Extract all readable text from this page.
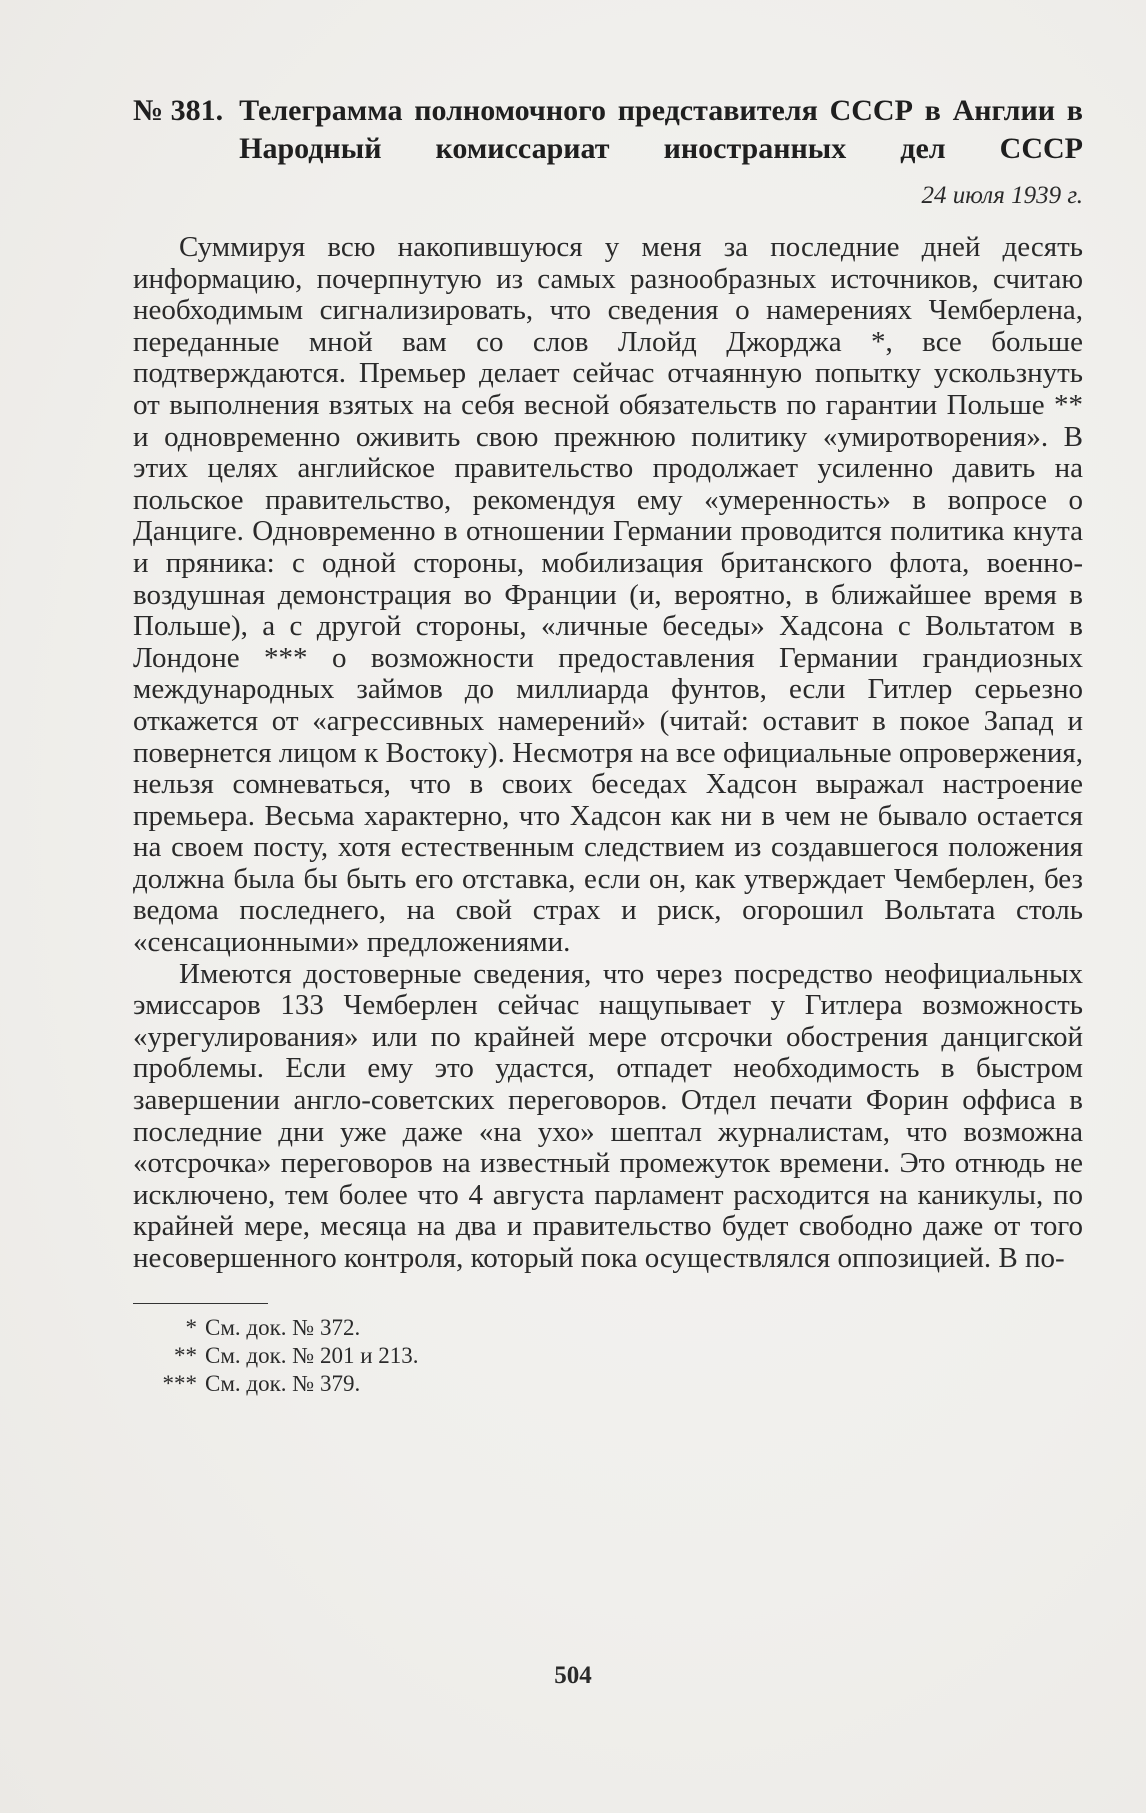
№ 381. Телеграмма полномочного представителя СССР в Англии в Народный комиссариат иностранных дел СССР
24 июля 1939 г.

Суммируя всю накопившуюся у меня за последние дней десять информацию, почерпнутую из самых разнообразных источников, считаю необходимым сигнализировать, что сведения о намерениях Чемберлена, переданные мной вам со слов Ллойд Джорджа *, все больше подтверждаются. Премьер делает сейчас отчаянную попытку ускользнуть от выполнения взятых на себя весной обязательств по гарантии Польше ** и одновременно оживить свою прежнюю политику «умиротворения». В этих целях английское правительство продолжает усиленно давить на польское правительство, рекомендуя ему «умеренность» в вопросе о Данциге. Одновременно в отношении Германии проводится политика кнута и пряника: с одной стороны, мобилизация британского флота, военно-воздушная демонстрация во Франции (и, вероятно, в ближайшее время в Польше), а с другой стороны, «личные беседы» Хадсона с Вольтатом в Лондоне *** о возможности предоставления Германии грандиозных международных займов до миллиарда фунтов, если Гитлер серьезно откажется от «агрессивных намерений» (читай: оставит в покое Запад и повернется лицом к Востоку). Несмотря на все официальные опровержения, нельзя сомневаться, что в своих беседах Хадсон выражал настроение премьера. Весьма характерно, что Хадсон как ни в чем не бывало остается на своем посту, хотя естественным следствием из создавшегося положения должна была бы быть его отставка, если он, как утверждает Чемберлен, без ведома последнего, на свой страх и риск, огорошил Вольтата столь «сенсационными» предложениями.

Имеются достоверные сведения, что через посредство неофициальных эмиссаров 133 Чемберлен сейчас нащупывает у Гитлера возможность «урегулирования» или по крайней мере отсрочки обострения данцигской проблемы. Если ему это удастся, отпадет необходимость в быстром завершении англо-советских переговоров. Отдел печати Форин оффиса в последние дни уже даже «на ухо» шептал журналистам, что возможна «отсрочка» переговоров на известный промежуток времени. Это отнюдь не исключено, тем более что 4 августа парламент расходится на каникулы, по крайней мере, месяца на два и правительство будет свободно даже от того несовершенного контроля, который пока осуществлялся оппозицией. В по-

* См. док. № 372.
** См. док. № 201 и 213.
*** См. док. № 379.
504
